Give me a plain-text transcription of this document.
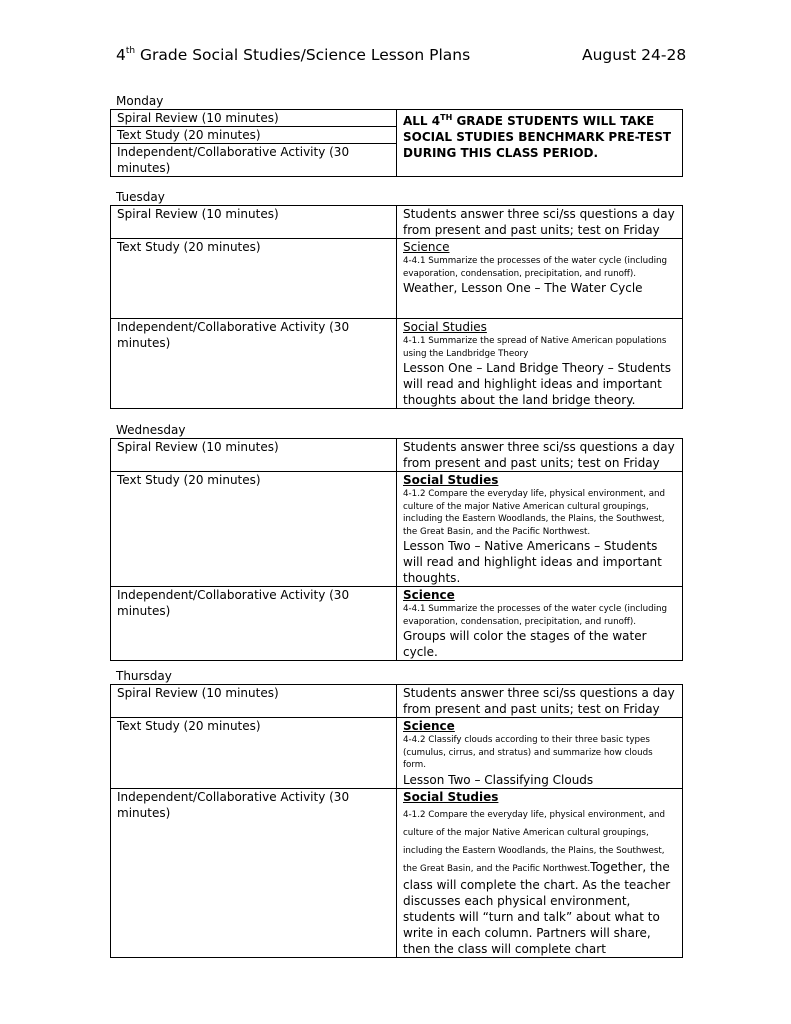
4th Grade Social Studies/Science Lesson Plans	August 24-28
Monday
Spiral Review (10 minutes)	ALL 4TH GRADE STUDENTS WILL TAKE
SOCIAL STUDIES BENCHMARK PRE-TEST
DURING THIS CLASS PERIOD.
Text Study (20 minutes)
Independent/Collaborative Activity (30 minutes)
Tuesday
Spiral Review (10 minutes)	Students answer three sci/ss questions a day from present and past units; test on Friday
Text Study (20 minutes)	Science
4-4.1 Summarize the processes of the water cycle (including evaporation, condensation, precipitation, and runoff).
Weather, Lesson One – The Water Cycle

Independent/Collaborative Activity (30 minutes)	Social Studies
4-1.1 Summarize the spread of Native American populations using the Landbridge Theory
Lesson One – Land Bridge Theory – Students will read and highlight ideas and important thoughts about the land bridge theory.
Wednesday
Spiral Review (10 minutes)	Students answer three sci/ss questions a day from present and past units; test on Friday
Text Study (20 minutes)	Social Studies
4-1.2 Compare the everyday life, physical environment, and culture of the major Native American cultural groupings, including the Eastern Woodlands, the Plains, the Southwest, the Great Basin, and the Pacific Northwest.
Lesson Two – Native Americans – Students will read and highlight ideas and important thoughts.

Independent/Collaborative Activity (30 minutes)	Science
4-4.1 Summarize the processes of the water cycle (including evaporation, condensation, precipitation, and runoff).
Groups will color the stages of the water cycle.
Thursday
Spiral Review (10 minutes)	Students answer three sci/ss questions a day from present and past units; test on Friday
Text Study (20 minutes)	Science
4-4.2 Classify clouds according to their three basic types (cumulus, cirrus, and stratus) and summarize how clouds form.
Lesson Two – Classifying Clouds

Independent/Collaborative Activity (30 minutes)	Social Studies
4-1.2 Compare the everyday life, physical environment, and culture of the major Native American cultural groupings, including the Eastern Woodlands, the Plains, the Southwest, the Great Basin, and the Pacific Northwest.Together, the class will complete the chart. As the teacher discusses each physical environment, students will “turn and talk” about what to write in each column. Partners will share, then the class will complete chart
